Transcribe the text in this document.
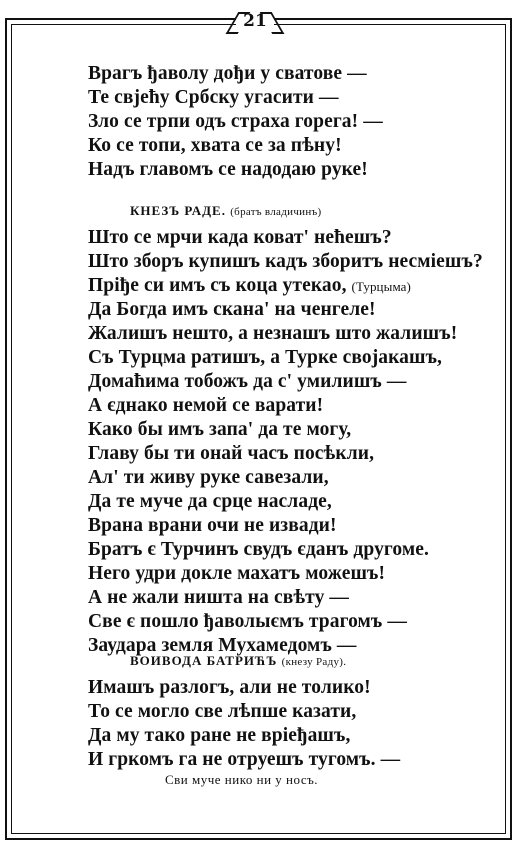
21
Врагъ ђаволу дођи у сватове —
Те свјећу Србску угасити —
Зло се трпи одъ страха горега! —
Ко се топи, хвата се за пѣну!
Надъ главомъ се надодаю руке!
КНЕЗЪ РАДЕ. (братъ владичинъ)
Што се мрчи када коват' нећешъ?
Што зборъ купишъ кадъ зборитъ несмiешъ?
Прiђе си имъ съ коца утекао, (Турцыма)
Да Богда имъ скана' на ченгеле!
Жалишъ нешто, а незнашъ што жалишъ!
Съ Турцма ратишъ, а Турке својакашъ,
Домаћима тобожъ да с' умилишъ —
А єднако немой се варати!
Како бы имъ запа' да те могу,
Главу бы ти онай часъ посѣкли,
Ал' ти живу руке савезали,
Да те муче да срце насладе,
Врана врани очи не извади!
Братъ є Турчинъ свудъ єданъ другоме.
Него удри докле махатъ можешъ!
А не жали ништа на свѣту —
Све є пошло ђаволыємъ трагомъ —
Заудара земля Мухамедомъ —
ВОИВОДА БАТРИЋЪ (кнезу Раду).
Имашъ разлогъ, али не толико!
То се могло све лѣпше казати,
Да му тако ране не врiеђашъ,
И гркомъ га не отруешъ тугомъ. —
Сви муче нико ни у носъ.
